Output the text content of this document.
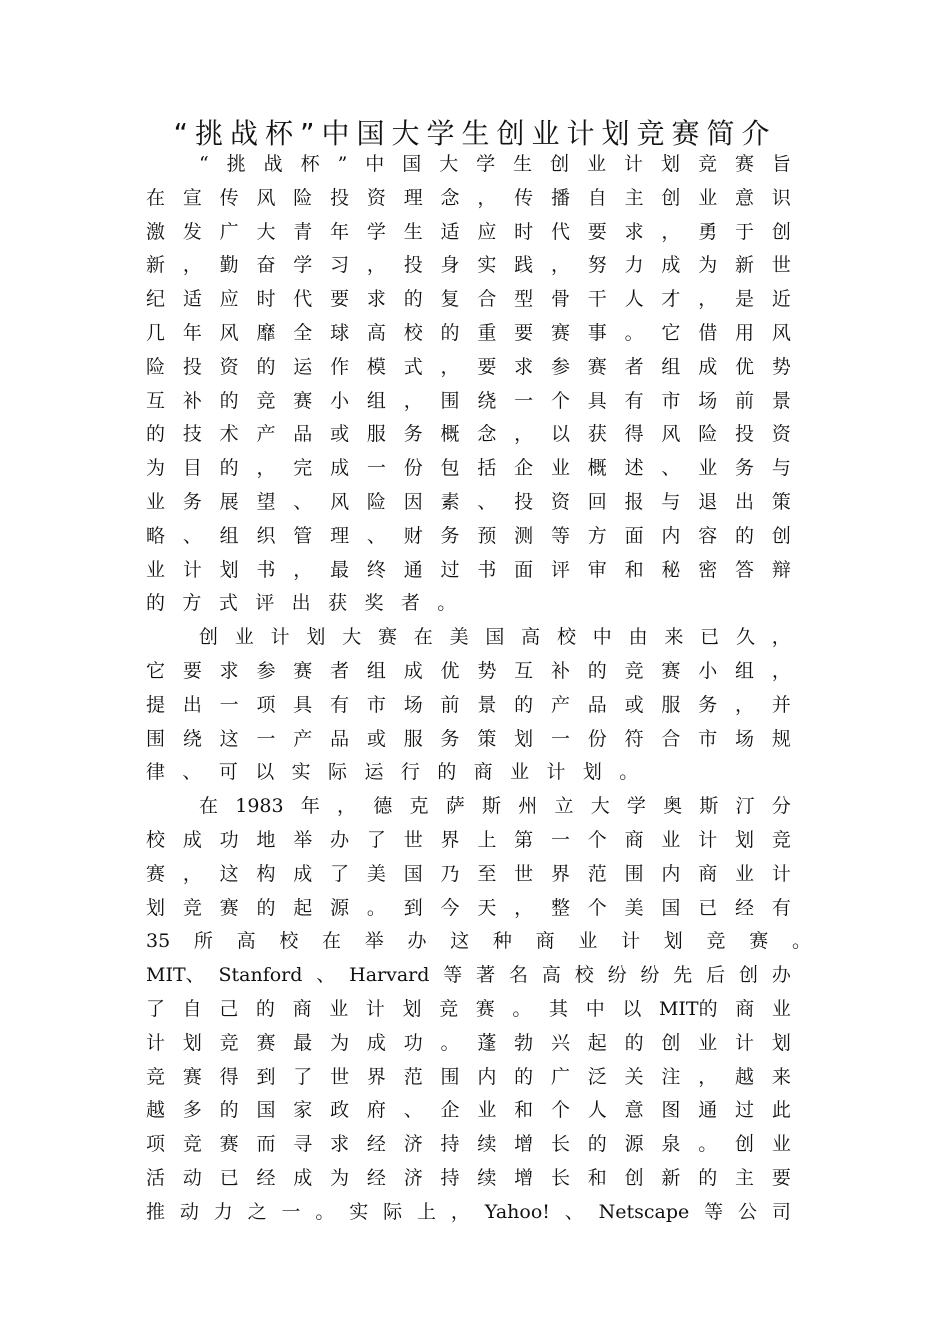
“挑战杯”中国大学生创业计划竞赛简介
“ 挑 战 杯 ” 中 国 大 学 生 创 业 计 划 竞 赛 旨
在 宣 传 风 险 投 资 理 念 ， 传 播 自 主 创 业 意 识
激 发 广 大 青 年 学 生 适 应 时 代 要 求 ， 勇 于 创
新 ， 勤 奋 学 习 ， 投 身 实 践 ， 努 力 成 为 新 世
纪 适 应 时 代 要 求 的 复 合 型 骨 干 人 才 ， 是 近
几 年 风 靡 全 球 高 校 的 重 要 赛 事 。 它 借 用 风
险 投 资 的 运 作 模 式 ， 要 求 参 赛 者 组 成 优 势
互 补 的 竞 赛 小 组 ， 围 绕 一 个 具 有 市 场 前 景
的 技 术 产 品 或 服 务 概 念 ， 以 获 得 风 险 投 资
为 目 的 ， 完 成 一 份 包 括 企 业 概 述 、 业 务 与
业 务 展 望 、 风 险 因 素 、 投 资 回 报 与 退 出 策
略 、 组 织 管 理 、 财 务 预 测 等 方 面 内 容 的 创
业 计 划 书 ， 最 终 通 过 书 面 评 审 和 秘 密 答 辩
的 方 式 评 出 获 奖 者 。
创 业 计 划 大 赛 在 美 国 高 校 中 由 来 已 久 ，
它 要 求 参 赛 者 组 成 优 势 互 补 的 竞 赛 小 组 ，
提 出 一 项 具 有 市 场 前 景 的 产 品 或 服 务 ， 并
围 绕 这 一 产 品 或 服 务 策 划 一 份 符 合 市 场 规
律 、 可 以 实 际 运 行 的 商 业 计 划 。
在 1983 年 ， 德 克 萨 斯 州 立 大 学 奥 斯 汀 分
校 成 功 地 举 办 了 世 界 上 第 一 个 商 业 计 划 竞
赛 ， 这 构 成 了 美 国 乃 至 世 界 范 围 内 商 业 计
划 竞 赛 的 起 源 。 到 今 天 ， 整 个 美 国 已 经 有
35 所 高 校 在 举 办 这 种 商 业 计 划 竞 赛 。
MIT、 Stanford 、 Harvard 等 著 名 高 校 纷 纷 先 后 创 办
了 自 己 的 商 业 计 划 竞 赛 。 其 中 以 MIT的 商 业
计 划 竞 赛 最 为 成 功 。 蓬 勃 兴 起 的 创 业 计 划
竞 赛 得 到 了 世 界 范 围 内 的 广 泛 关 注 ， 越 来
越 多 的 国 家 政 府 、 企 业 和 个 人 意 图 通 过 此
项 竞 赛 而 寻 求 经 济 持 续 增 长 的 源 泉 。 创 业
活 动 已 经 成 为 经 济 持 续 增 长 和 创 新 的 主 要
推 动 力 之 一 。 实 际 上 ， Yahoo! 、 Netscape 等 公 司
